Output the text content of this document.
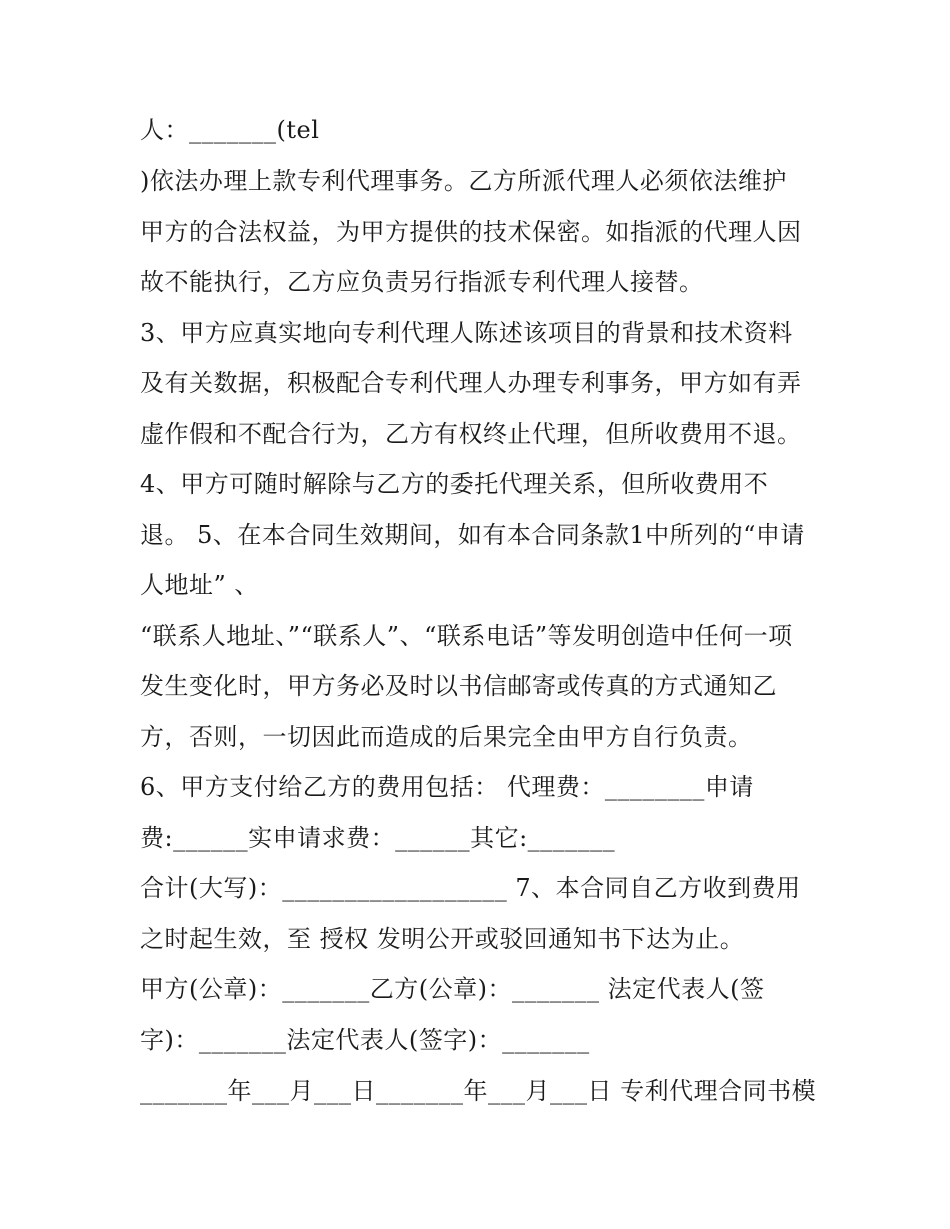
人：_______(tel
)依法办理上款专利代理事务。乙方所派代理人必须依法维护
甲方的合法权益，为甲方提供的技术保密。如指派的代理人因
故不能执行，乙方应负责另行指派专利代理人接替。
3、甲方应真实地向专利代理人陈述该项目的背景和技术资料
及有关数据，积极配合专利代理人办理专利事务，甲方如有弄
虚作假和不配合行为，乙方有权终止代理，但所收费用不退。
4、甲方可随时解除与乙方的委托代理关系，但所收费用不
退。 5、在本合同生效期间，如有本合同条款1中所列的“申请
人地址” 、
“联系人地址、”“联系人”、“联系电话”等发明创造中任何一项
发生变化时，甲方务必及时以书信邮寄或传真的方式通知乙
方，否则，一切因此而造成的后果完全由甲方自行负责。
6、甲方支付给乙方的费用包括： 代理费：________申请
费:______实申请求费：______其它:_______
合计(大写)：__________________ 7、本合同自乙方收到费用
之时起生效，至 授权 发明公开或驳回通知书下达为止。
甲方(公章)：_______乙方(公章)：_______ 法定代表人(签
字)：_______法定代表人(签字)：_______
_______年___月___日_______年___月___日 专利代理合同书模
